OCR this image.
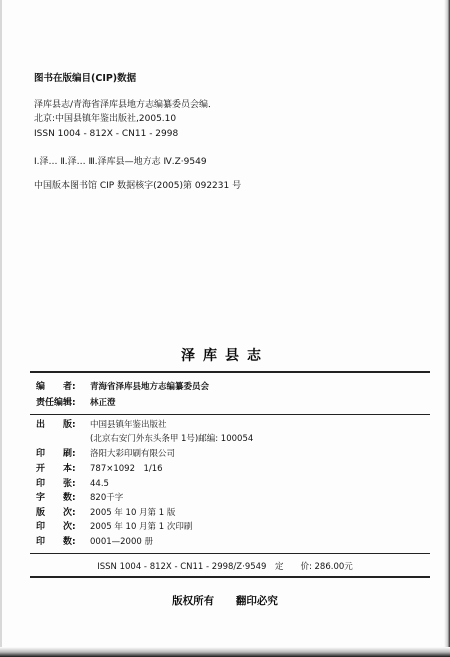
图书在版编目(CIP)数据
泽库县志/青海省泽库县地方志编纂委员会编．
北京:中国县镇年鉴出版社,2005.10
ISSN 1004 - 812X - CN11 - 2998
Ⅰ.泽… Ⅱ.泽… Ⅲ.泽库县—地方志 Ⅳ.Z·9549
中国版本图书馆 CIP 数据核字(2005)第 092231 号
泽库县志
编　　者: 青海省泽库县地方志编纂委员会
责任编辑: 林正澄
出　　版: 中国县镇年鉴出版社
(北京右安门外东头条甲 1号)邮编: 100054
印　　刷: 洛阳大彩印刷有限公司
开　　本: 787×1092　1/16
印　　张: 44.5
字　　数: 820千字
版　　次: 2005 年 10 月第 1 版
印　　次: 2005 年 10 月第 1 次印刷
印　　数: 0001—2000 册
ISSN 1004 - 812X - CN11 - 2998/Z·9549　定　　价: 286.00元
版权所有 翻印必究
